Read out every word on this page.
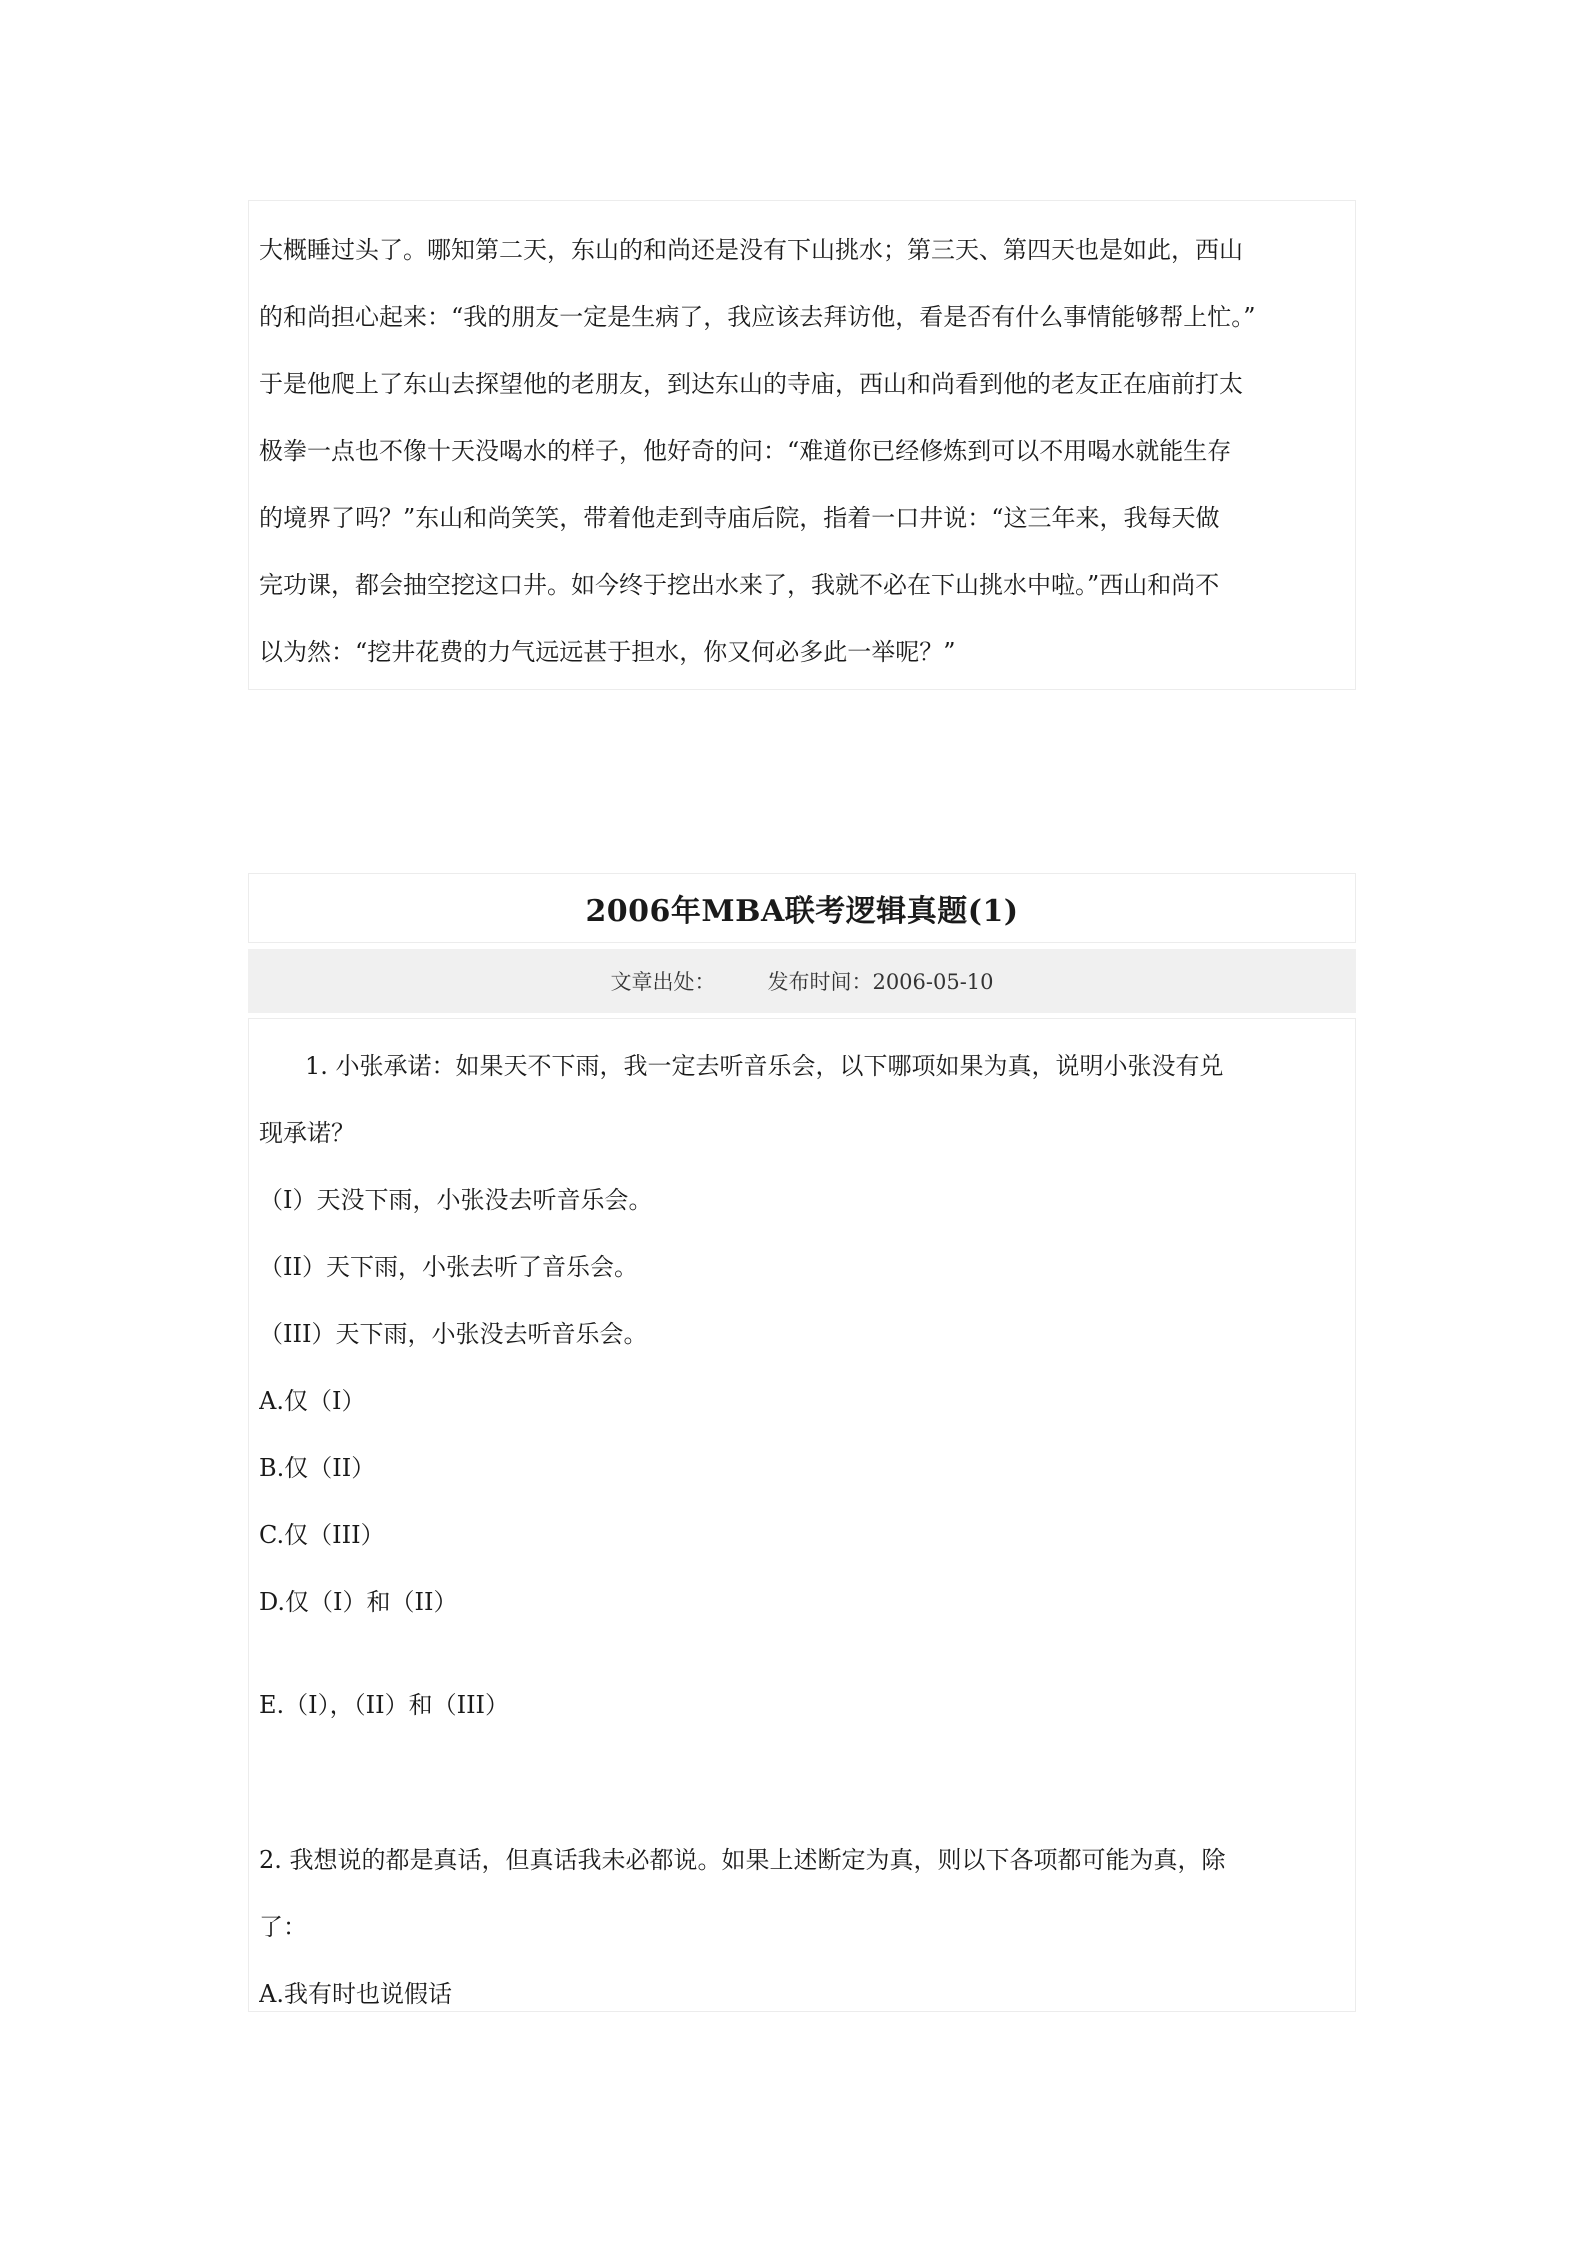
大概睡过头了。哪知第二天，东山的和尚还是没有下山挑水；第三天、第四天也是如此，西山
的和尚担心起来：“我的朋友一定是生病了，我应该去拜访他，看是否有什么事情能够帮上忙。”
于是他爬上了东山去探望他的老朋友，到达东山的寺庙，西山和尚看到他的老友正在庙前打太
极拳一点也不像十天没喝水的样子，他好奇的问：“难道你已经修炼到可以不用喝水就能生存
的境界了吗？”东山和尚笑笑，带着他走到寺庙后院，指着一口井说：“这三年来，我每天做
完功课，都会抽空挖这口井。如今终于挖出水来了，我就不必在下山挑水中啦。”西山和尚不
以为然：“挖井花费的力气远远甚于担水，你又何必多此一举呢？”
2006年MBA联考逻辑真题(1)
文章出处： 发布时间：2006-05-10
1. 小张承诺：如果天不下雨，我一定去听音乐会，以下哪项如果为真，说明小张没有兑
现承诺？
（I）天没下雨，小张没去听音乐会。
（II）天下雨，小张去听了音乐会。
（III）天下雨，小张没去听音乐会。
A.仅（I）
B.仅（II）
C.仅（III）
D.仅（I）和（II）
E.（I），（II）和（III）
2. 我想说的都是真话，但真话我未必都说。如果上述断定为真，则以下各项都可能为真，除
了：
A.我有时也说假话
